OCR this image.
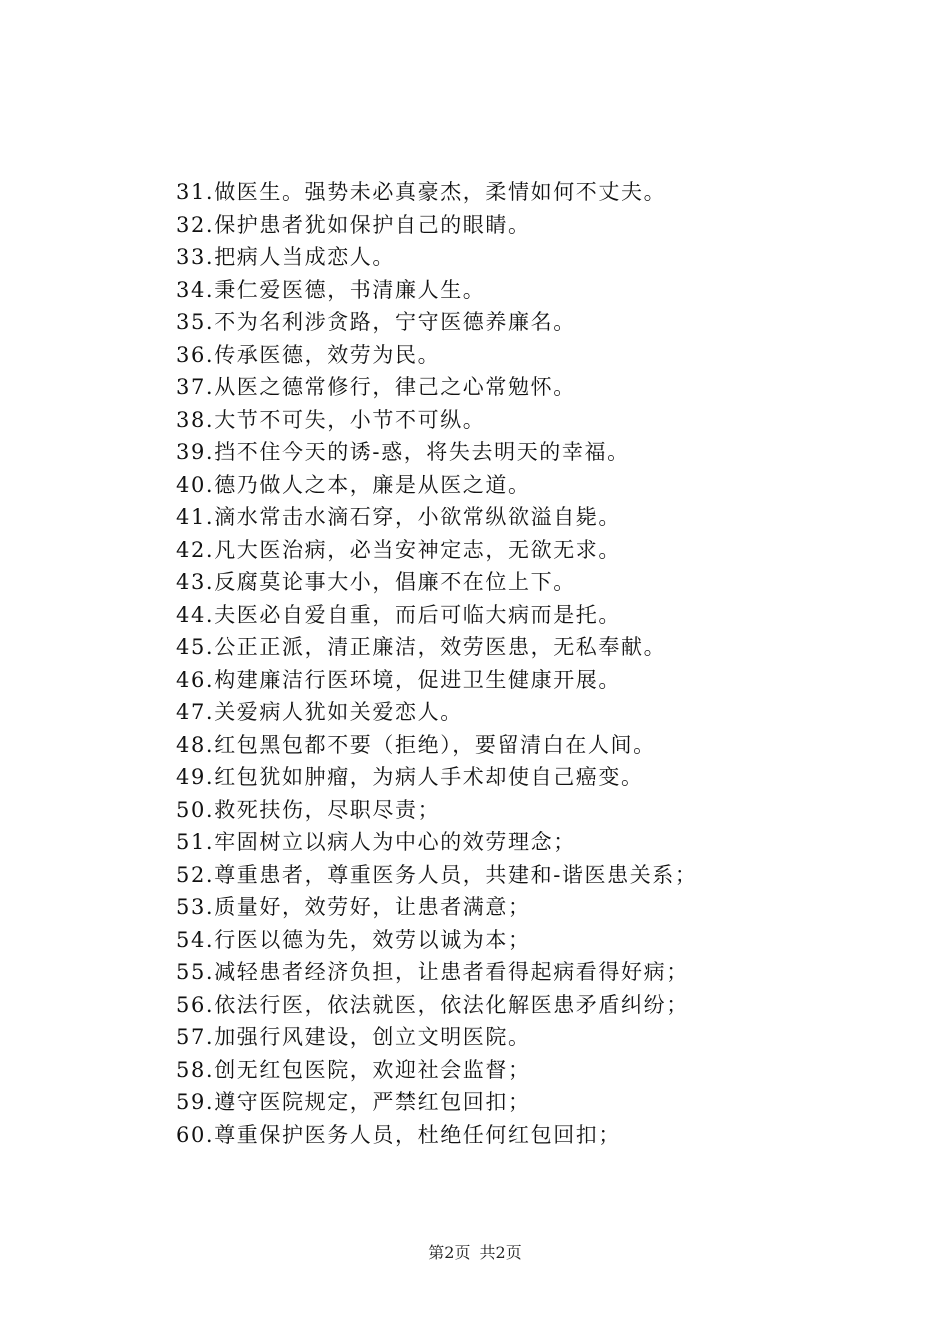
31.做医生。强势未必真豪杰，柔情如何不丈夫。
32.保护患者犹如保护自己的眼睛。
33.把病人当成恋人。
34.秉仁爱医德，书清廉人生。
35.不为名利涉贪路，宁守医德养廉名。
36.传承医德，效劳为民。
37.从医之德常修行，律己之心常勉怀。
38.大节不可失，小节不可纵。
39.挡不住今天的诱-惑，将失去明天的幸福。
40.德乃做人之本，廉是从医之道。
41.滴水常击水滴石穿，小欲常纵欲溢自毙。
42.凡大医治病，必当安神定志，无欲无求。
43.反腐莫论事大小，倡廉不在位上下。
44.夫医必自爱自重，而后可临大病而是托。
45.公正正派，清正廉洁，效劳医患，无私奉献。
46.构建廉洁行医环境，促进卫生健康开展。
47.关爱病人犹如关爱恋人。
48.红包黑包都不要（拒绝），要留清白在人间。
49.红包犹如肿瘤，为病人手术却使自己癌变。
50.救死扶伤，尽职尽责；
51.牢固树立以病人为中心的效劳理念；
52.尊重患者，尊重医务人员，共建和-谐医患关系；
53.质量好，效劳好，让患者满意；
54.行医以德为先，效劳以诚为本；
55.减轻患者经济负担，让患者看得起病看得好病；
56.依法行医，依法就医，依法化解医患矛盾纠纷；
57.加强行风建设，创立文明医院。
58.创无红包医院，欢迎社会监督；
59.遵守医院规定，严禁红包回扣；
60.尊重保护医务人员，杜绝任何红包回扣；
第2页 共2页
